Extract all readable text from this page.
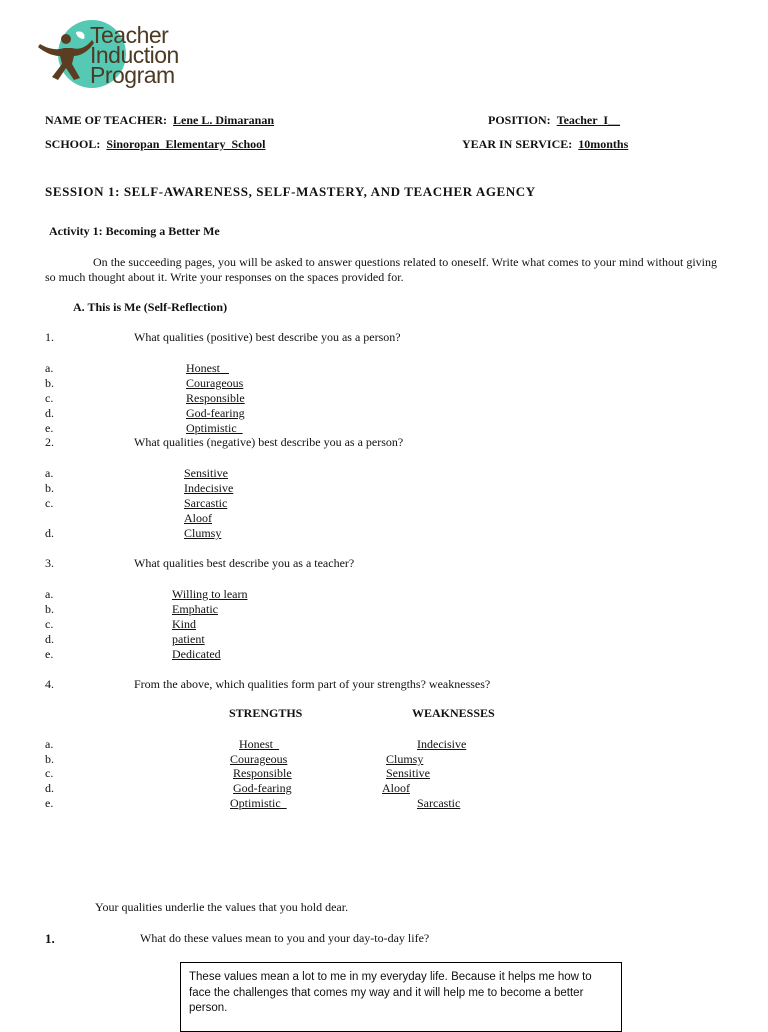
Teacher
Induction
Program
NAME OF TEACHER: Lene L. Dimaranan	POSITION: Teacher  I__
SCHOOL: Sinoropan  Elementary  School	YEAR IN SERVICE: 10months
SESSION 1: SELF-AWARENESS, SELF-MASTERY, AND TEACHER AGENCY
Activity 1: Becoming a Better Me
On the succeeding pages, you will be asked to answer questions related to oneself. Write what comes to your mind without giving so much thought about it. Write your responses on the spaces provided for.
A. This is Me (Self-Reflection)
1.	What qualities (positive) best describe you as a person?
a.	Honest
b.	Courageous
c.	Responsible
d.	God-fearing
e.	Optimistic
2.	What qualities (negative) best describe you as a person?
a.	Sensitive
b.	Indecisive
c.	Sarcastic
Aloof
d.	Clumsy
3.	What qualities best describe you as a teacher?
a.	Willing to learn
b.	Emphatic
c.	Kind
d.	patient
e.	Dedicated
4.	From the above, which qualities form part of your strengths? weaknesses?
STRENGTHS	WEAKNESSES
a.	Honest_	Indecisive
b.	Courageous	Clumsy
c.	Responsible	Sensitive
d.	God-fearing	Aloof
e.	Optimistic	Sarcastic
Your qualities underlie the values that you hold dear.
1.	What do these values mean to you and your day-to-day life?
These values mean a lot to me in my everyday life. Because it helps me how to face the challenges that comes my way and it will help me to become a better person.
